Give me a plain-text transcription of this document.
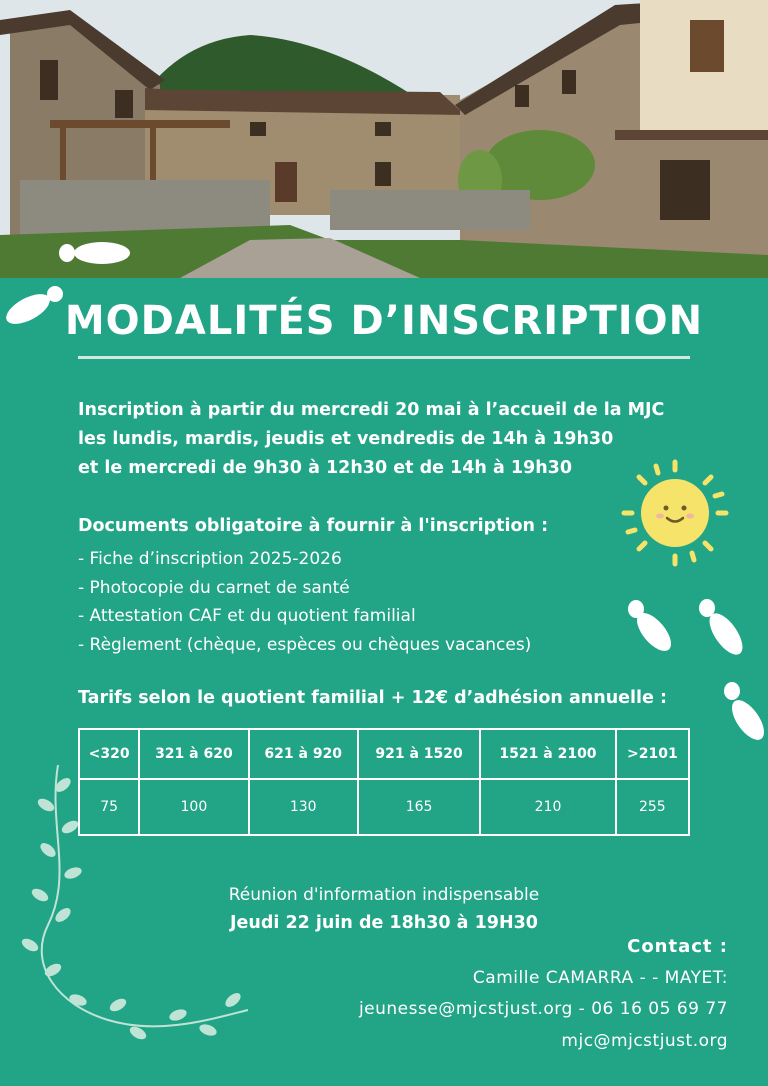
MODALITÉS D’INSCRIPTION
Inscription à partir du mercredi 20 mai à l’accueil de la MJC
les lundis, mardis, jeudis et vendredis de 14h à 19h30
et le mercredi de 9h30 à 12h30 et de 14h à 19h30
Documents obligatoire à fournir à l'inscription :
- Fiche d’inscription 2025-2026
- Photocopie du carnet de santé
- Attestation CAF et du quotient familial
- Règlement (chèque, espèces ou chèques vacances)
Tarifs selon le quotient familial + 12€ d’adhésion annuelle :
<320	321 à 620	621 à 920	921 à 1520	1521 à 2100	>2101
75	100	130	165	210	255
Réunion d'information indispensable
Jeudi 22 juin de 18h30 à 19H30
Contact :
Camille CAMARRA - - MAYET:
jeunesse@mjcstjust.org - 06 16 05 69 77
mjc@mjcstjust.org
